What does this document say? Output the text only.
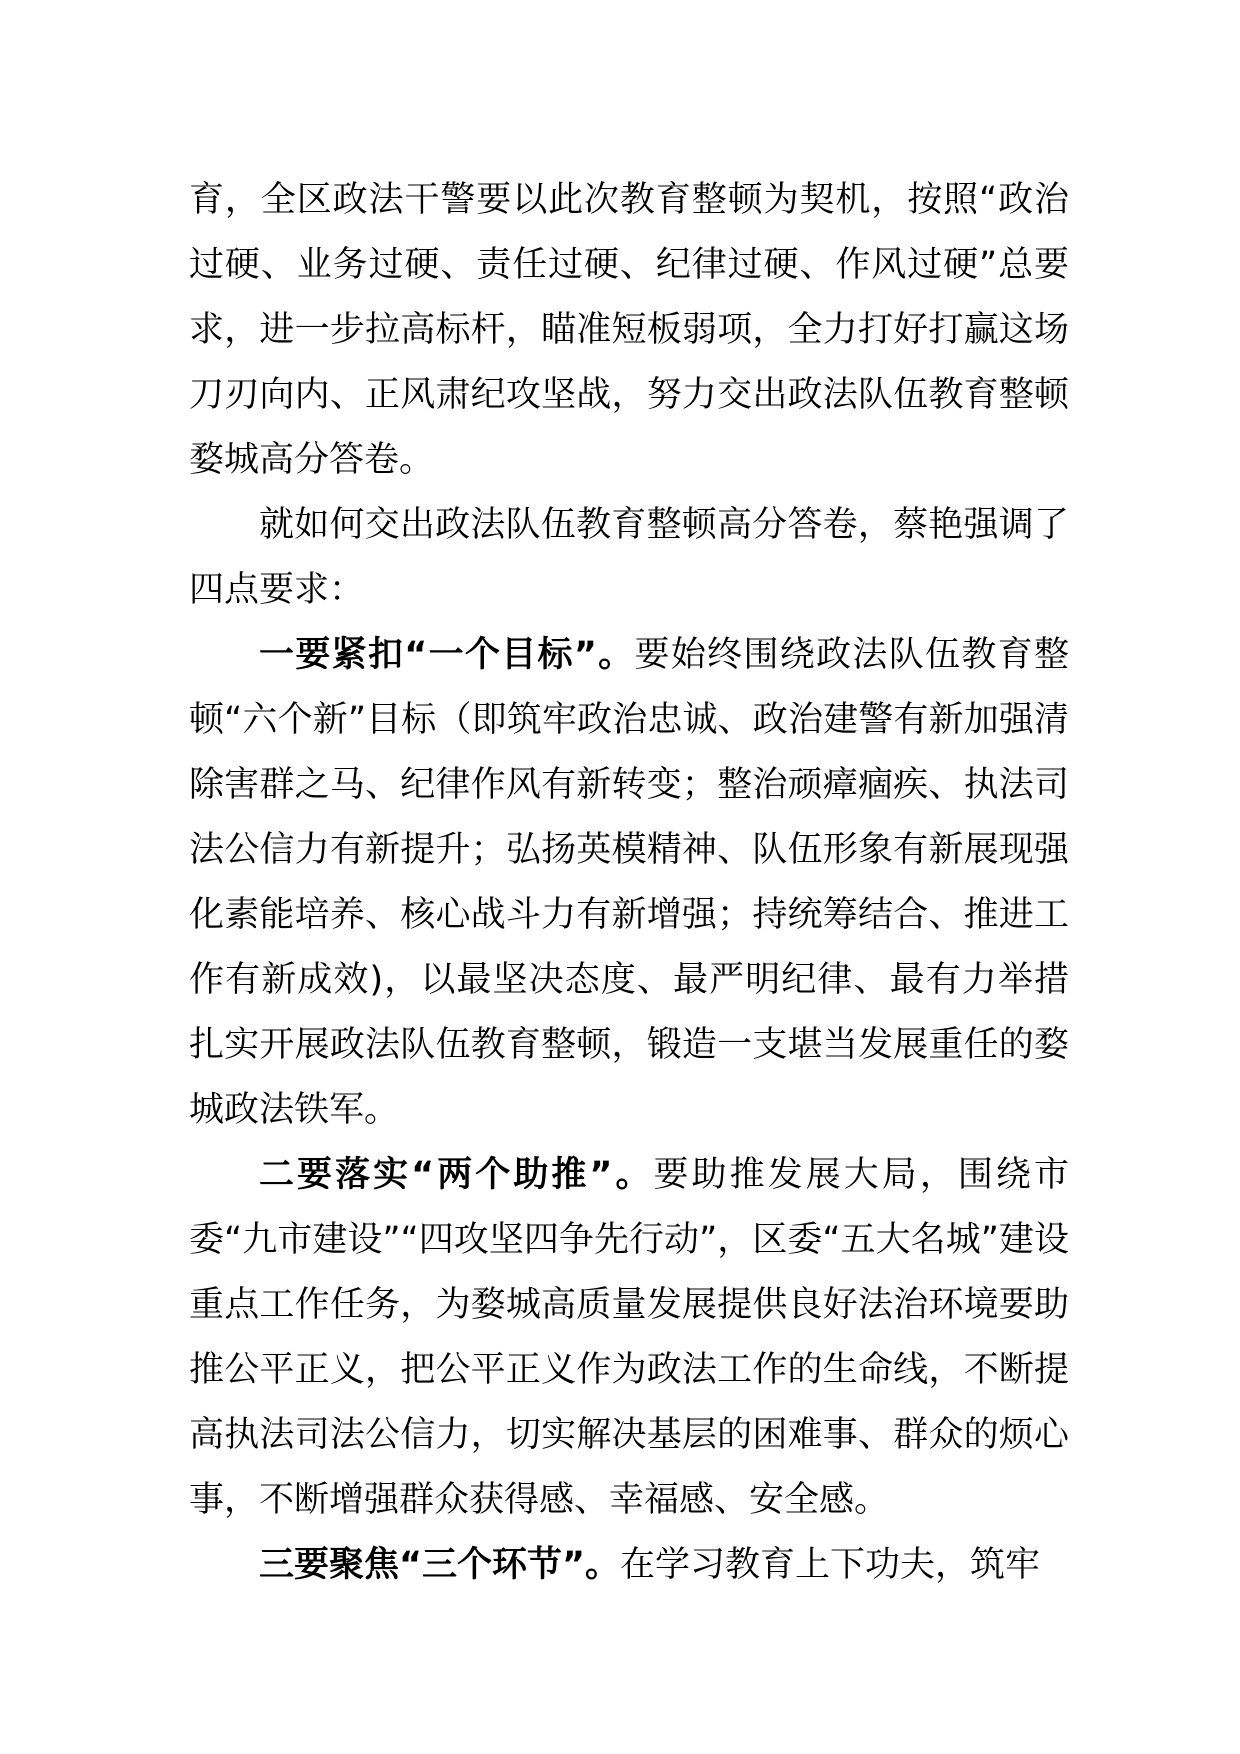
育，全区政法干警要以此次教育整顿为契机，按照“政治过硬、业务过硬、责任过硬、纪律过硬、作风过硬”总要求，进一步拉高标杆，瞄准短板弱项，全力打好打赢这场刀刃向内、正风肃纪攻坚战，努力交出政法队伍教育整顿婺城高分答卷。

就如何交出政法队伍教育整顿高分答卷，蔡艳强调了四点要求：

一要紧扣“一个目标”。要始终围绕政法队伍教育整顿“六个新”目标（即筑牢政治忠诚、政治建警有新加强清除害群之马、纪律作风有新转变；整治顽瘴痼疾、执法司法公信力有新提升；弘扬英模精神、队伍形象有新展现强化素能培养、核心战斗力有新增强；持统筹结合、推进工作有新成效)，以最坚决态度、最严明纪律、最有力举措扎实开展政法队伍教育整顿，锻造一支堪当发展重任的婺城政法铁军。

二要落实“两个助推”。要助推发展大局，围绕市委“九市建设”“四攻坚四争先行动”，区委“五大名城”建设重点工作任务，为婺城高质量发展提供良好法治环境要助推公平正义，把公平正义作为政法工作的生命线，不断提高执法司法公信力，切实解决基层的困难事、群众的烦心事，不断增强群众获得感、幸福感、安全感。

三要聚焦“三个环节”。在学习教育上下功夫，筑牢
